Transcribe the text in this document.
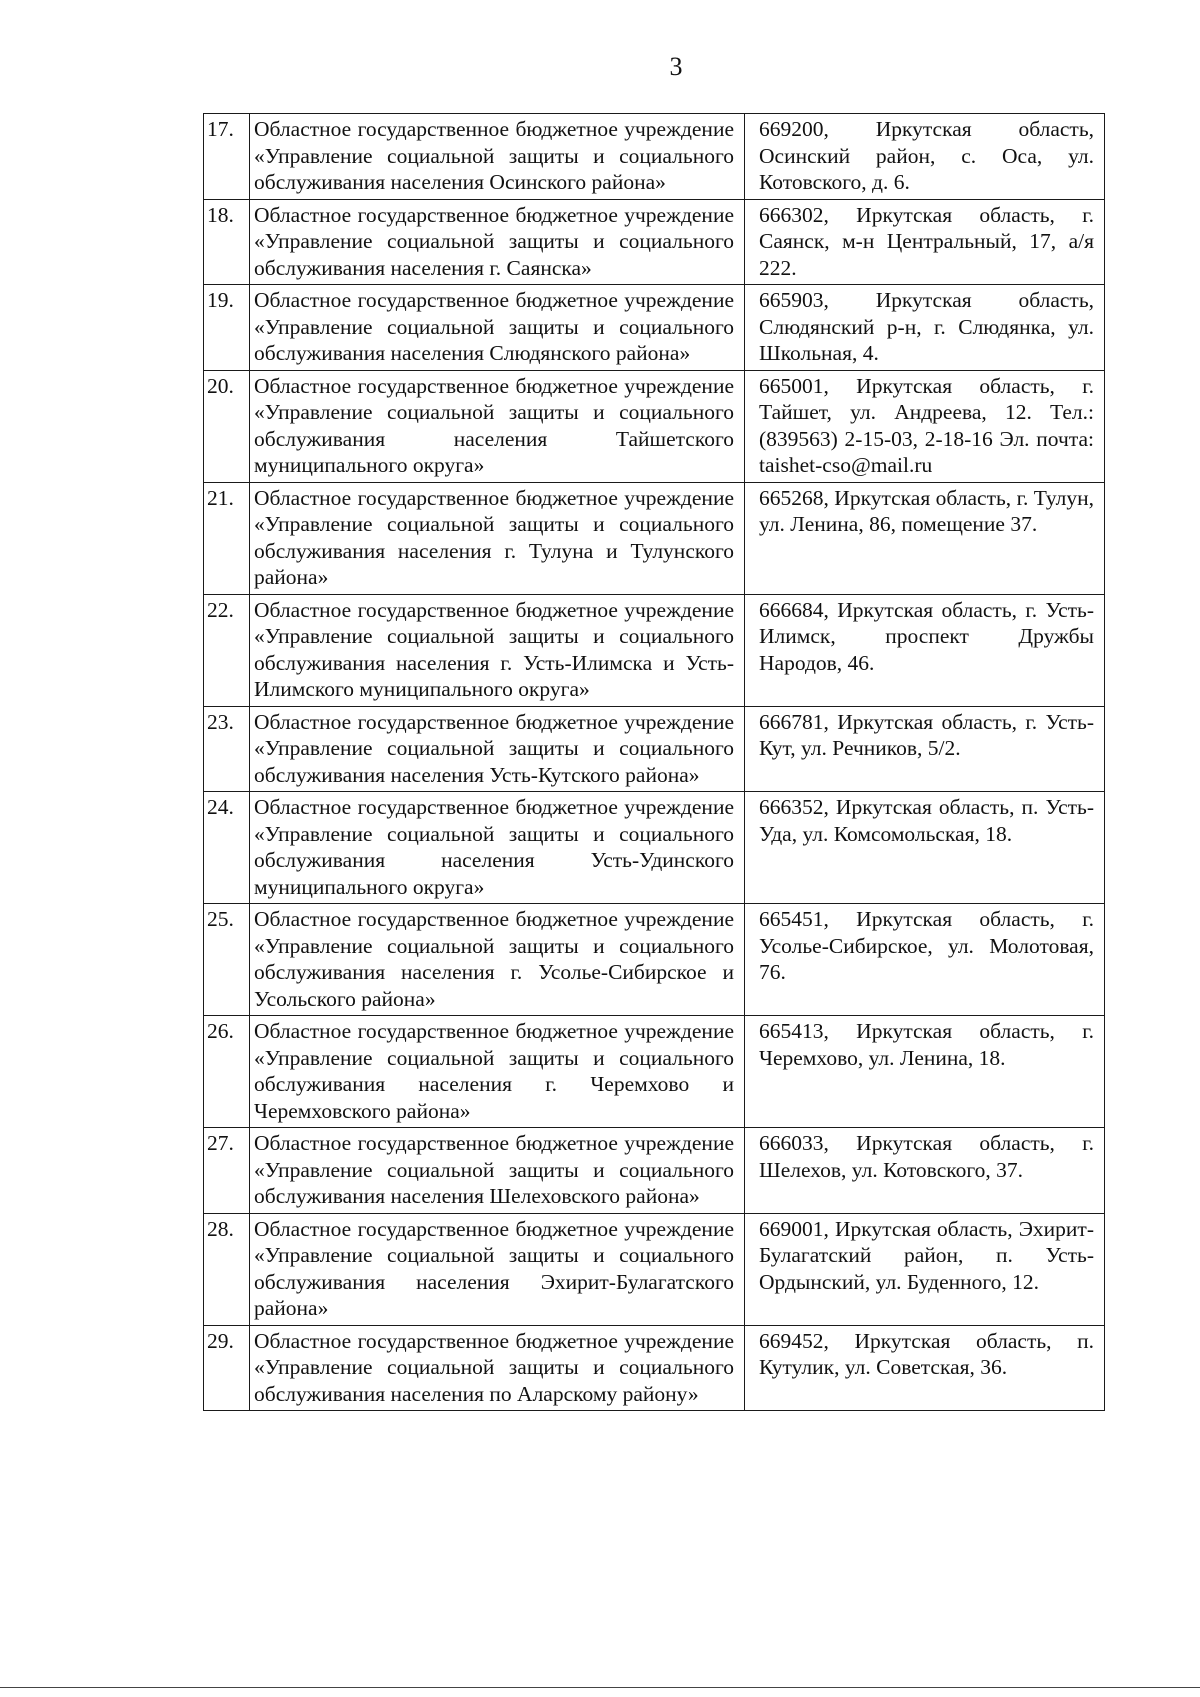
3
17.	Областное государственное бюджетное учреждение «Управление социальной защиты и социального обслуживания населения Осинского района»	669200, Иркутская область, Осинский район, с. Оса, ул. Котовского, д. 6.
18.	Областное государственное бюджетное учреждение «Управление социальной защиты и социального обслуживания населения г. Саянска»	666302, Иркутская область, г. Саянск, м-н Центральный, 17, а/я 222.
19.	Областное государственное бюджетное учреждение «Управление социальной защиты и социального обслуживания населения Слюдянского района»	665903, Иркутская область, Слюдянский р-н, г. Слюдянка, ул. Школьная, 4.
20.	Областное государственное бюджетное учреждение «Управление социальной защиты и социального обслуживания населения Тайшетского муниципального округа»	665001, Иркутская область, г. Тайшет, ул. Андреева, 12. Тел.: (839563) 2-15-03, 2-18-16 Эл. почта: taishet-cso@mail.ru
21.	Областное государственное бюджетное учреждение «Управление социальной защиты и социального обслуживания населения г. Тулуна и Тулунского района»	665268, Иркутская область, г. Тулун, ул. Ленина, 86, помещение 37.
22.	Областное государственное бюджетное учреждение «Управление социальной защиты и социального обслуживания населения г. Усть-Илимска и Усть-Илимского муниципального округа»	666684, Иркутская область, г. Усть-Илимск, проспект Дружбы Народов, 46.
23.	Областное государственное бюджетное учреждение «Управление социальной защиты и социального обслуживания населения Усть-Кутского района»	666781, Иркутская область, г. Усть-Кут, ул. Речников, 5/2.
24.	Областное государственное бюджетное учреждение «Управление социальной защиты и социального обслуживания населения Усть-Удинского муниципального округа»	666352, Иркутская область, п. Усть-Уда, ул. Комсомольская, 18.
25.	Областное государственное бюджетное учреждение «Управление социальной защиты и социального обслуживания населения г. Усолье-Сибирское и Усольского района»	665451, Иркутская область, г. Усолье-Сибирское, ул. Молотовая, 76.
26.	Областное государственное бюджетное учреждение «Управление социальной защиты и социального обслуживания населения г. Черемхово и Черемховского района»	665413, Иркутская область, г. Черемхово, ул. Ленина, 18.
27.	Областное государственное бюджетное учреждение «Управление социальной защиты и социального обслуживания населения Шелеховского района»	666033, Иркутская область, г. Шелехов, ул. Котовского, 37.
28.	Областное государственное бюджетное учреждение «Управление социальной защиты и социального обслуживания населения Эхирит-Булагатского района»	669001, Иркутская область, Эхирит-Булагатский район, п. Усть-Ордынский, ул. Буденного, 12.
29.	Областное государственное бюджетное учреждение «Управление социальной защиты и социального обслуживания населения по Аларскому району»	669452, Иркутская область, п. Кутулик, ул. Советская, 36.
